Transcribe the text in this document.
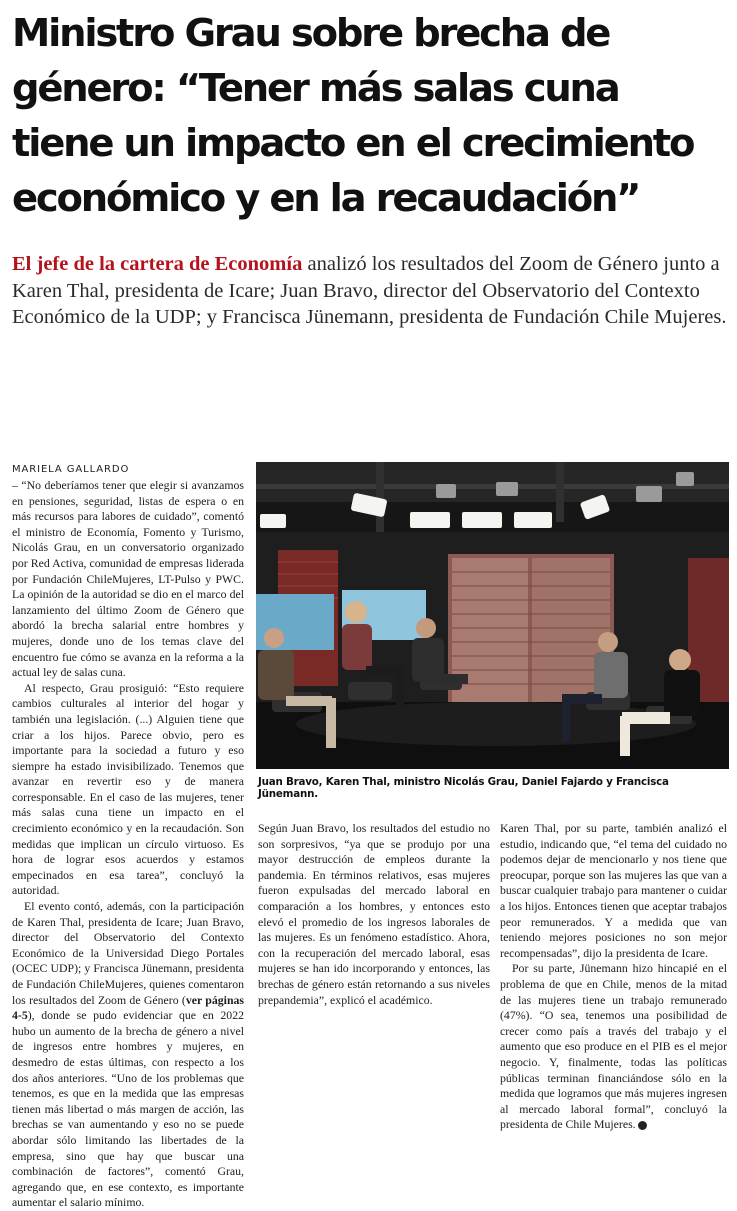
Ministro Grau sobre brecha de género: “Tener más salas cuna tiene un impacto en el crecimiento económico y en la recaudación”

El jefe de la cartera de Economía analizó los resultados del Zoom de Género junto a Karen Thal, presidenta de Icare; Juan Bravo, director del Observatorio del Contexto Económico de la UDP; y Francisca Jünemann, presidenta de Fundación Chile Mujeres.

MARIELA GALLARDO

– “No deberíamos tener que elegir si avanzamos en pensiones, seguridad, listas de espera o en más recursos para labores de cuidado”, comentó el ministro de Economía, Fomento y Turismo, Nicolás Grau, en un conversatorio organizado por Red Activa, comunidad de empresas liderada por Fundación ChileMujeres, LT-Pulso y PWC. La opinión de la autoridad se dio en el marco del lanzamiento del último Zoom de Género que abordó la brecha salarial entre hombres y mujeres, donde uno de los temas clave del encuentro fue cómo se avanza en la reforma a la actual ley de salas cuna.

Al respecto, Grau prosiguió: “Esto requiere cambios culturales al interior del hogar y también una legislación. (...) Alguien tiene que criar a los hijos. Parece obvio, pero es importante para la sociedad a futuro y eso siempre ha estado invisibilizado. Tenemos que avanzar en revertir eso y de manera corresponsable. En el caso de las mujeres, tener más salas cuna tiene un impacto en el crecimiento económico y en la recaudación. Son medidas que implican un círculo virtuoso. Es hora de lograr esos acuerdos y estamos empecinados en esa tarea”, concluyó la autoridad.

El evento contó, además, con la participación de Karen Thal, presidenta de Icare; Juan Bravo, director del Observatorio del Contexto Económico de la Universidad Diego Portales (OCEC UDP); y Francisca Jünemann, presidenta de Fundación ChileMujeres, quienes comentaron los resultados del Zoom de Género (ver páginas 4-5), donde se pudo evidenciar que en 2022 hubo un aumento de la brecha de género a nivel de ingresos entre hombres y mujeres, en desmedro de estas últimas, con respecto a los dos años anteriores. “Uno de los problemas que tenemos, es que en la medida que las empresas tienen más libertad o más margen de acción, las brechas se van aumentando y eso no se puede abordar sólo limitando las libertades de la empresa, sino que hay que buscar una combinación de factores”, comentó Grau, agregando que, en ese contexto, es importante aumentar el salario mínimo.

Según Juan Bravo, los resultados del estudio no son sorpresivos, “ya que se produjo por una mayor destrucción de empleos durante la pandemia. En términos relativos, esas mujeres fueron expulsadas del mercado laboral en comparación a los hombres, y entonces esto elevó el promedio de los ingresos laborales de las mujeres. Es un fenómeno estadístico. Ahora, con la recuperación del mercado laboral, esas mujeres se han ido incorporando y entonces, las brechas de género están retornando a sus niveles prepandemia”, explicó el académico.

Karen Thal, por su parte, también analizó el estudio, indicando que, “el tema del cuidado no podemos dejar de mencionarlo y nos tiene que preocupar, porque son las mujeres las que van a buscar cualquier trabajo para mantener o cuidar a los hijos. Entonces tienen que aceptar trabajos peor remunerados. Y a medida que van teniendo mejores posiciones no son mejor recompensadas”, dijo la presidenta de Icare.

Por su parte, Jünemann hizo hincapié en el problema de que en Chile, menos de la mitad de las mujeres tiene un trabajo remunerado (47%). “O sea, tenemos una posibilidad de crecer como país a través del trabajo y el aumento que eso produce en el PIB es el mejor negocio. Y, finalmente, todas las políticas públicas terminan financiándose sólo en la medida que logramos que más mujeres ingresen al mercado laboral formal”, concluyó la presidenta de Chile Mujeres.

Juan Bravo, Karen Thal, ministro Nicolás Grau, Daniel Fajardo y Francisca Jünemann.
